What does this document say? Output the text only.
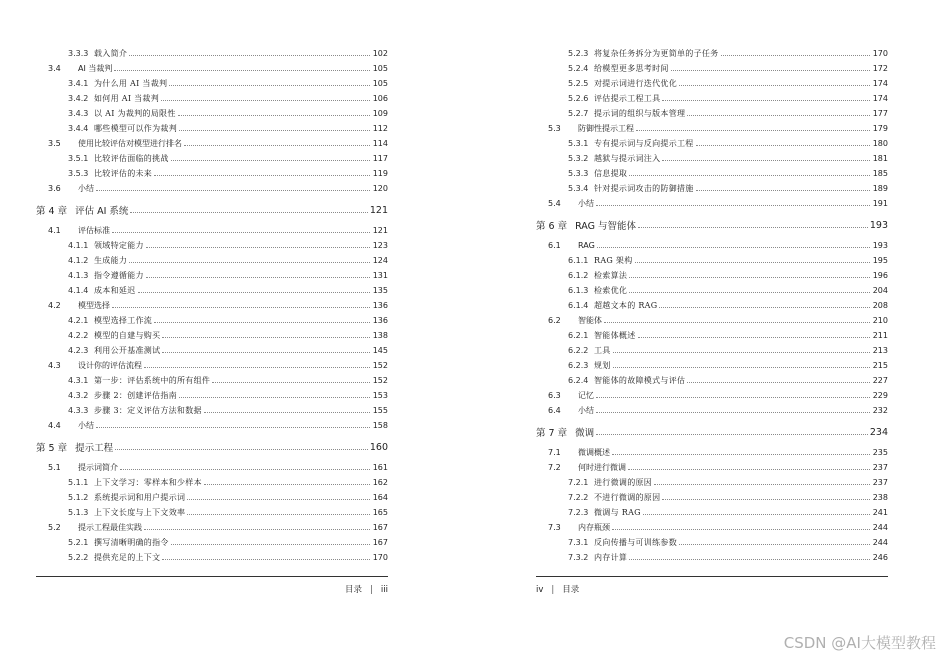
3.3.3 载入简介	102
3.4	AI 当裁判	105
3.4.1 为什么用 AI 当裁判	105
3.4.2 如何用 AI 当裁判	106
3.4.3 以 AI 为裁判的局限性	109
3.4.4 哪些模型可以作为裁判	112
3.5	使用比较评估对模型进行排名	114
3.5.1 比较评估面临的挑战	117
3.5.3 比较评估的未来	119
3.6	小结	120
第 4 章 评估 AI 系统	121
4.1	评估标准	121
4.1.1 领域特定能力	123
4.1.2 生成能力	124
4.1.3 指令遵循能力	131
4.1.4 成本和延迟	135
4.2	模型选择	136
4.2.1 模型选择工作流	136
4.2.2 模型的自建与购买	138
4.2.3 利用公开基准测试	145
4.3	设计你的评估流程	152
4.3.1 第一步：评估系统中的所有组件	152
4.3.2 步骤 2：创建评估指南	153
4.3.3 步骤 3：定义评估方法和数据	155
4.4	小结	158
第 5 章 提示工程	160
5.1	提示词简介	161
5.1.1 上下文学习：零样本和少样本	162
5.1.2 系统提示词和用户提示词	164
5.1.3 上下文长度与上下文效率	165
5.2	提示工程最佳实践	167
5.2.1 撰写清晰明确的指令	167
5.2.2 提供充足的上下文	170
目录 | iii
5.2.3 将复杂任务拆分为更简单的子任务	170
5.2.4 给模型更多思考时间	172
5.2.5 对提示词进行迭代优化	174
5.2.6 评估提示工程工具	174
5.2.7 提示词的组织与版本管理	177
5.3	防御性提示工程	179
5.3.1 专有提示词与反向提示工程	180
5.3.2 越狱与提示词注入	181
5.3.3 信息提取	185
5.3.4 针对提示词攻击的防御措施	189
5.4	小结	191
第 6 章 RAG 与智能体	193
6.1	RAG	193
6.1.1 RAG 架构	195
6.1.2 检索算法	196
6.1.3 检索优化	204
6.1.4 超越文本的 RAG	208
6.2	智能体	210
6.2.1 智能体概述	211
6.2.2 工具	213
6.2.3 规划	215
6.2.4 智能体的故障模式与评估	227
6.3	记忆	229
6.4	小结	232
第 7 章 微调	234
7.1	微调概述	235
7.2	何时进行微调	237
7.2.1 进行微调的原因	237
7.2.2 不进行微调的原因	238
7.2.3 微调与 RAG	241
7.3	内存瓶颈	244
7.3.1 反向传播与可训练参数	244
7.3.2 内存计算	246
iv | 目录
CSDN @AI大模型教程
